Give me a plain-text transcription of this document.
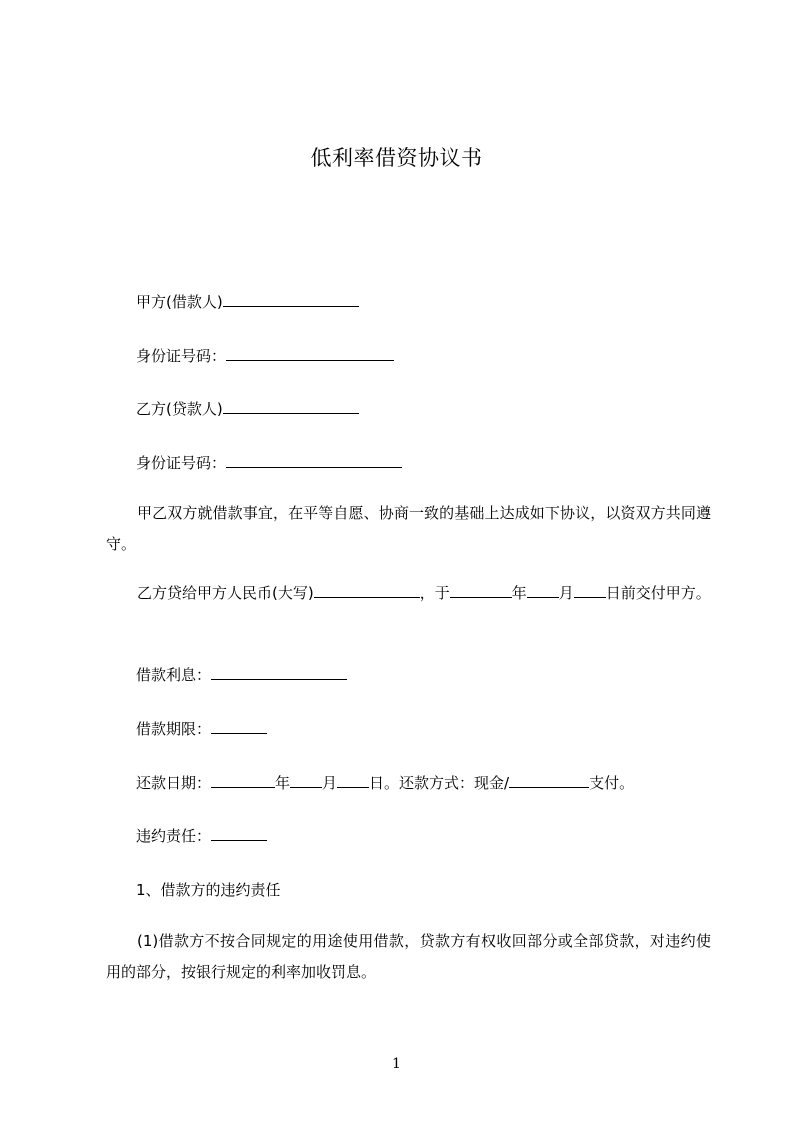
低利率借资协议书
甲方(借款人)
身份证号码：
乙方(贷款人)
身份证号码：
甲乙双方就借款事宜，在平等自愿、协商一致的基础上达成如下协议，以资双方共同遵守。
乙方贷给甲方人民币(大写)	，于	年 月 日前交付甲方。
借款利息：
借款期限：
还款日期：	年 月 日。还款方式：现金/	支付。
违约责任：
1、借款方的违约责任
(1)借款方不按合同规定的用途使用借款，贷款方有权收回部分或全部贷款，对违约使用的部分，按银行规定的利率加收罚息。
1
